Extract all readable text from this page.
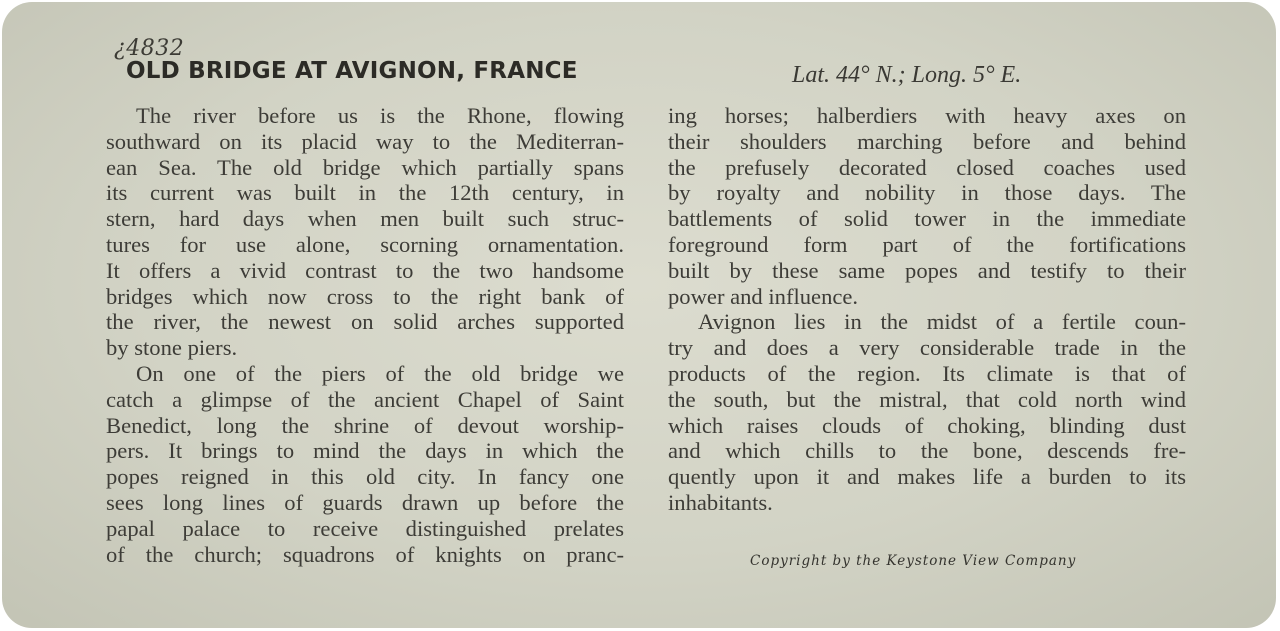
¿4832
OLD BRIDGE AT AVIGNON, FRANCE	Lat. 44° N.; Long. 5° E.
The river before us is the Rhone, flowing
southward on its placid way to the Mediterran-
ean Sea. The old bridge which partially spans
its current was built in the 12th century, in
stern, hard days when men built such struc-
tures for use alone, scorning ornamentation.
It offers a vivid contrast to the two handsome
bridges which now cross to the right bank of
the river, the newest on solid arches supported
by stone piers.
On one of the piers of the old bridge we
catch a glimpse of the ancient Chapel of Saint
Benedict, long the shrine of devout worship-
pers. It brings to mind the days in which the
popes reigned in this old city. In fancy one
sees long lines of guards drawn up before the
papal palace to receive distinguished prelates
of the church; squadrons of knights on pranc-
ing horses; halberdiers with heavy axes on
their shoulders marching before and behind
the prefusely decorated closed coaches used
by royalty and nobility in those days. The
battlements of solid tower in the immediate
foreground form part of the fortifications
built by these same popes and testify to their
power and influence.
Avignon lies in the midst of a fertile coun-
try and does a very considerable trade in the
products of the region. Its climate is that of
the south, but the mistral, that cold north wind
which raises clouds of choking, blinding dust
and which chills to the bone, descends fre-
quently upon it and makes life a burden to its
inhabitants.
Copyright by the Keystone View Company
